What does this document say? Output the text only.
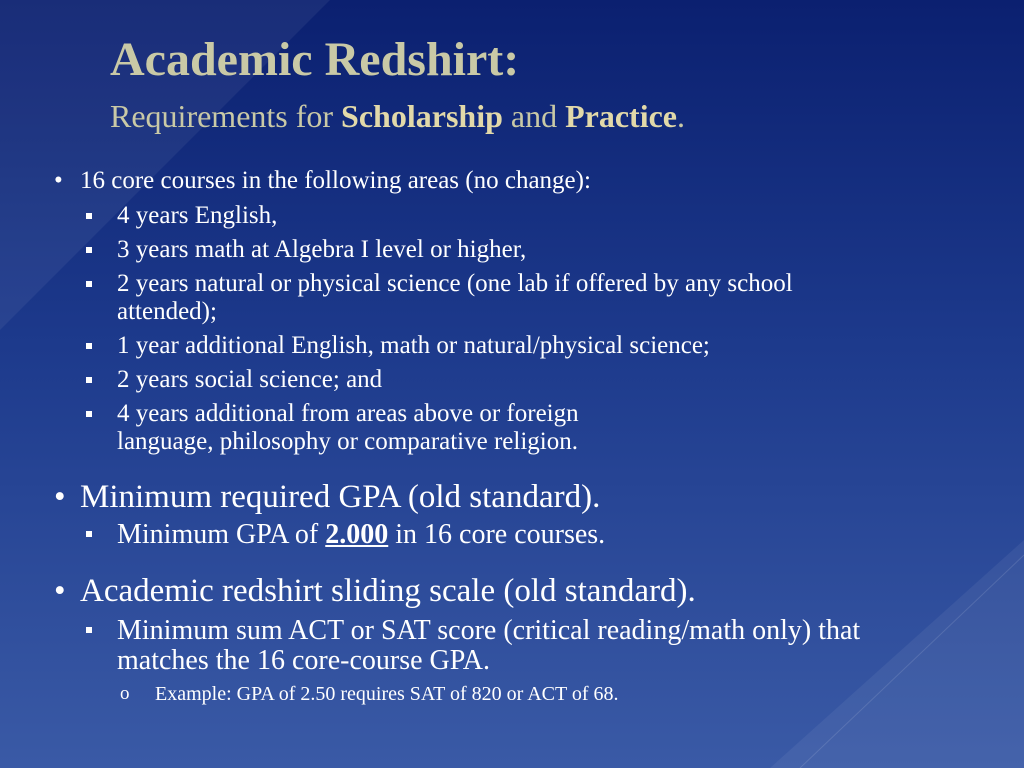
Academic Redshirt:
Requirements for Scholarship and Practice.
• 16 core courses in the following areas (no change):
4 years English,
3 years math at Algebra I level or higher,
2 years natural or physical science (one lab if offered by any school
attended);
1 year additional English, math or natural/physical science;
2 years social science; and
4 years additional from areas above or foreign
language, philosophy or comparative religion.
• Minimum required GPA (old standard).
Minimum GPA of 2.000 in 16 core courses.
• Academic redshirt sliding scale (old standard).
Minimum sum ACT or SAT score (critical reading/math only) that
matches the 16 core-course GPA.
o Example: GPA of 2.50 requires SAT of 820 or ACT of 68.
